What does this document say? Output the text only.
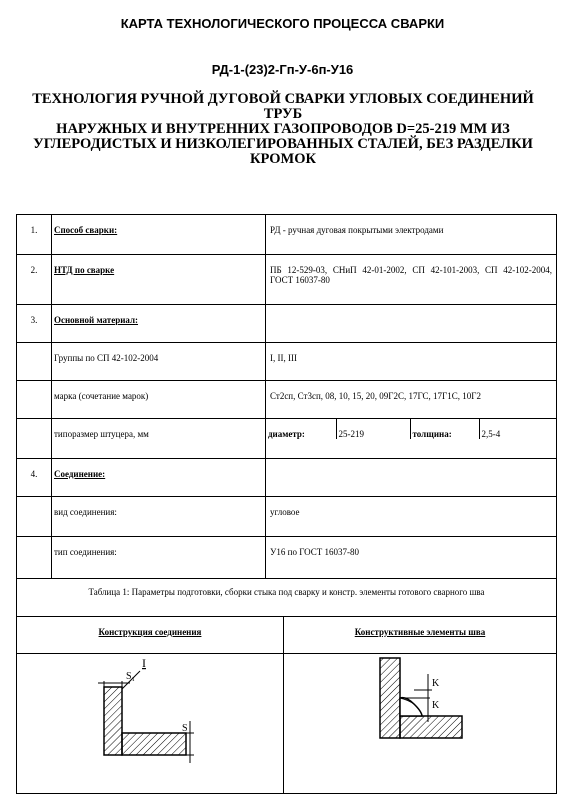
КАРТА ТЕХНОЛОГИЧЕСКОГО ПРОЦЕССА СВАРКИ
РД-1-(23)2-Гп-У-6п-У16
ТЕХНОЛОГИЯ РУЧНОЙ ДУГОВОЙ СВАРКИ УГЛОВЫХ СОЕДИНЕНИЙ ТРУБ
НАРУЖНЫХ И ВНУТРЕННИХ ГАЗОПРОВОДОВ D=25-219 ММ ИЗ
УГЛЕРОДИСТЫХ И НИЗКОЛЕГИРОВАННЫХ СТАЛЕЙ, БЕЗ РАЗДЕЛКИ
КРОМОК
1.	Способ сварки:	РД - ручная дуговая покрытыми электродами
2.	НТД по сварке	ПБ 12-529-03, СНиП 42-01-2002, СП 42-101-2003, СП 42-102-2004, ГОСТ 16037-80
3.	Основной материал:	
	Группы по СП 42-102-2004	I, II, III
	марка (сочетание марок)	Ст2сп, Ст3сп, 08, 10, 15, 20, 09Г2С, 17ГС, 17Г1С, 10Г2
	типоразмер штуцера, мм		диаметр:	25-219	толщина:	2,5-4

4.	Соединение:	
	вид соединения:	угловое
	тип соединения:	У16 по ГОСТ 16037-80
Таблица 1: Параметры подготовки, сборки стыка под сварку и констр. элементы готового сварного шва
Конструкция соединения	Конструктивные элементы шва

I
S₁
S
K
K
